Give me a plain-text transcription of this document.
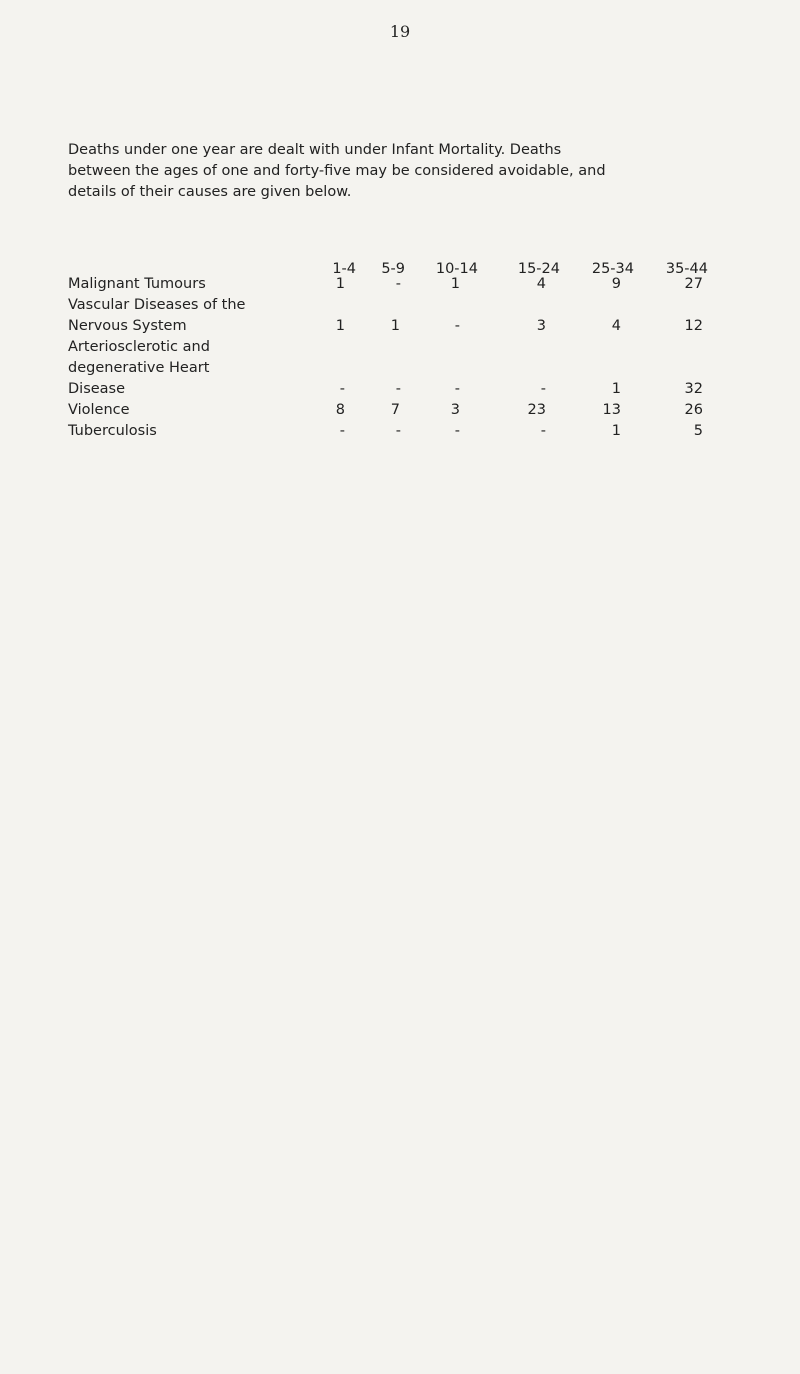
19
Deaths under one year are dealt with under Infant Mortality. Deaths
between the ages of one and forty-five may be considered avoidable, and
details of their causes are given below.
1-4	5-9	10-14	15-24	25-34	35-44
Malignant Tumours	1	-	1	4	9	27
Vascular Diseases of the
Nervous System	1	1	-	3	4	12
Arteriosclerotic and
degenerative Heart
Disease	-	-	-	-	1	32
Violence	8	7	3	23	13	26
Tuberculosis	-	-	-	-	1	5
